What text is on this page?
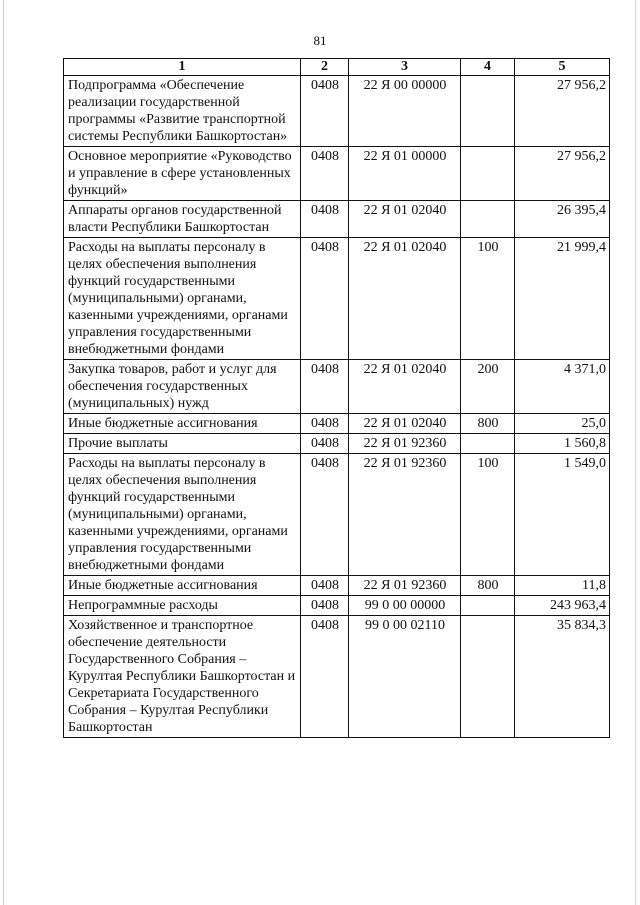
81
1	2	3	4	5
Подпрограмма «Обеспечение реализации государственной программы «Развитие транспортной системы Республики Башкортостан»	0408	22 Я 00 00000		27 956,2
Основное мероприятие «Руководство и управление в сфере установленных функций»	0408	22 Я 01 00000		27 956,2
Аппараты органов государственной власти Республики Башкортостан	0408	22 Я 01 02040		26 395,4
Расходы на выплаты персоналу в целях обеспечения выполнения функций государственными (муниципальными) органами, казенными учреждениями, органами управления государственными внебюджетными фондами	0408	22 Я 01 02040	100	21 999,4
Закупка товаров, работ и услуг для обеспечения государственных (муниципальных) нужд	0408	22 Я 01 02040	200	4 371,0
Иные бюджетные ассигнования	0408	22 Я 01 02040	800	25,0
Прочие выплаты	0408	22 Я 01 92360		1 560,8
Расходы на выплаты персоналу в целях обеспечения выполнения функций государственными (муниципальными) органами, казенными учреждениями, органами управления государственными внебюджетными фондами	0408	22 Я 01 92360	100	1 549,0
Иные бюджетные ассигнования	0408	22 Я 01 92360	800	11,8
Непрограммные расходы	0408	99 0 00 00000		243 963,4
Хозяйственное и транспортное обеспечение деятельности Государственного Собрания – Курултая Республики Башкортостан и Секретариата Государственного Собрания – Курултая Республики Башкортостан	0408	99 0 00 02110		35 834,3
